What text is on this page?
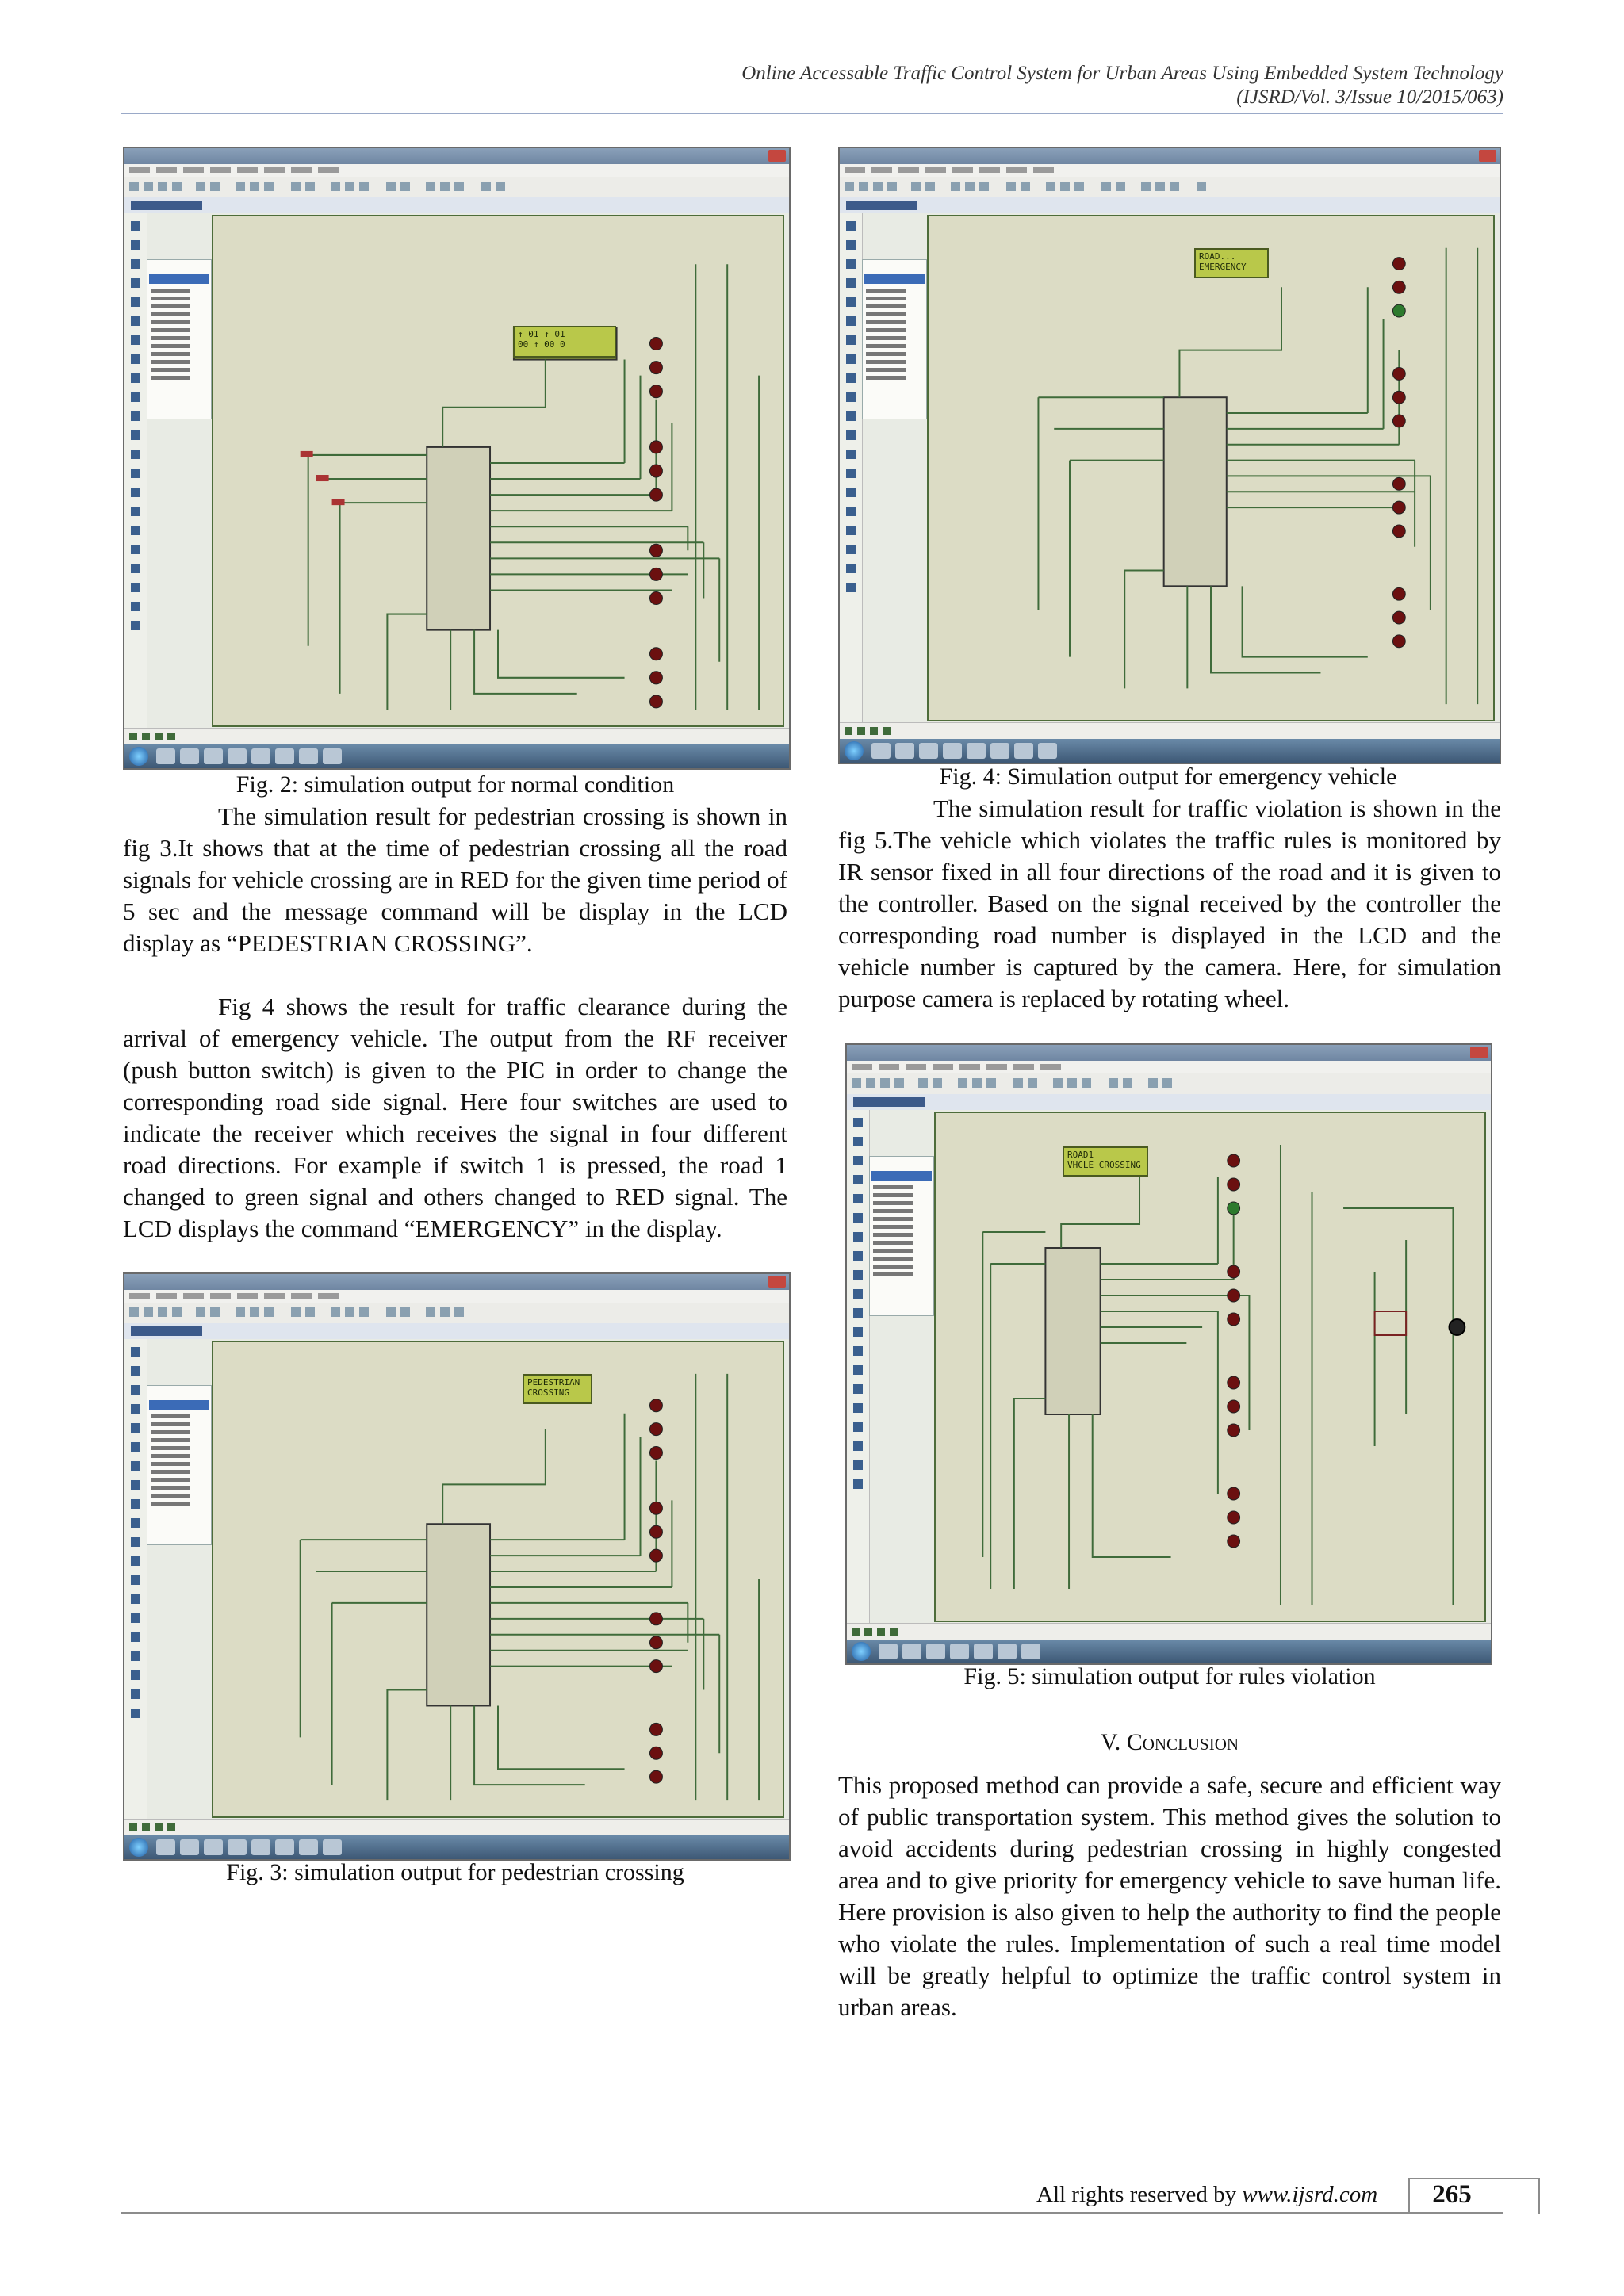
Online Accessable Traffic Control System for Urban Areas Using Embedded System Technology
(IJSRD/Vol. 3/Issue 10/2015/063)
↑ 01 ↑ 01
00 ↑ 00 0
Fig. 2: simulation output for normal condition
The simulation result for pedestrian crossing is shown in fig 3.It shows that at the time of pedestrian crossing all the road signals for vehicle crossing are in RED for the given time period of 5 sec and the message command will be display in the LCD display as “PEDESTRIAN CROSSING”.
Fig 4 shows the result for traffic clearance during the arrival of emergency vehicle. The output from the RF receiver (push button switch) is given to the PIC in order to change the corresponding road side signal. Here four switches are used to indicate the receiver which receives the signal in four different road directions. For example if switch 1 is pressed, the road 1 changed to green signal and others changed to RED signal. The LCD displays the command “EMERGENCY” in the display.
PEDESTRIAN
CROSSING
Fig. 3: simulation output for pedestrian crossing
ROAD...
EMERGENCY
Fig. 4: Simulation output for emergency vehicle
The simulation result for traffic violation is shown in the fig 5.The vehicle which violates the traffic rules is monitored by IR sensor fixed in all four directions of the road and it is given to the controller. Based on the signal received by the controller the corresponding road number is displayed in the LCD and the vehicle number is captured by the camera. Here, for simulation purpose camera is replaced by rotating wheel.
ROAD1
VHCLE CROSSING
Fig. 5: simulation output for rules violation
V. Conclusion
This proposed method can provide a safe, secure and efficient way of public transportation system. This method gives the solution to avoid accidents during pedestrian crossing in highly congested area and to give priority for emergency vehicle to save human life. Here provision is also given to help the authority to find the people who violate the rules. Implementation of such a real time model will be greatly helpful to optimize the traffic control system in urban areas.
All rights reserved by www.ijsrd.com	265
